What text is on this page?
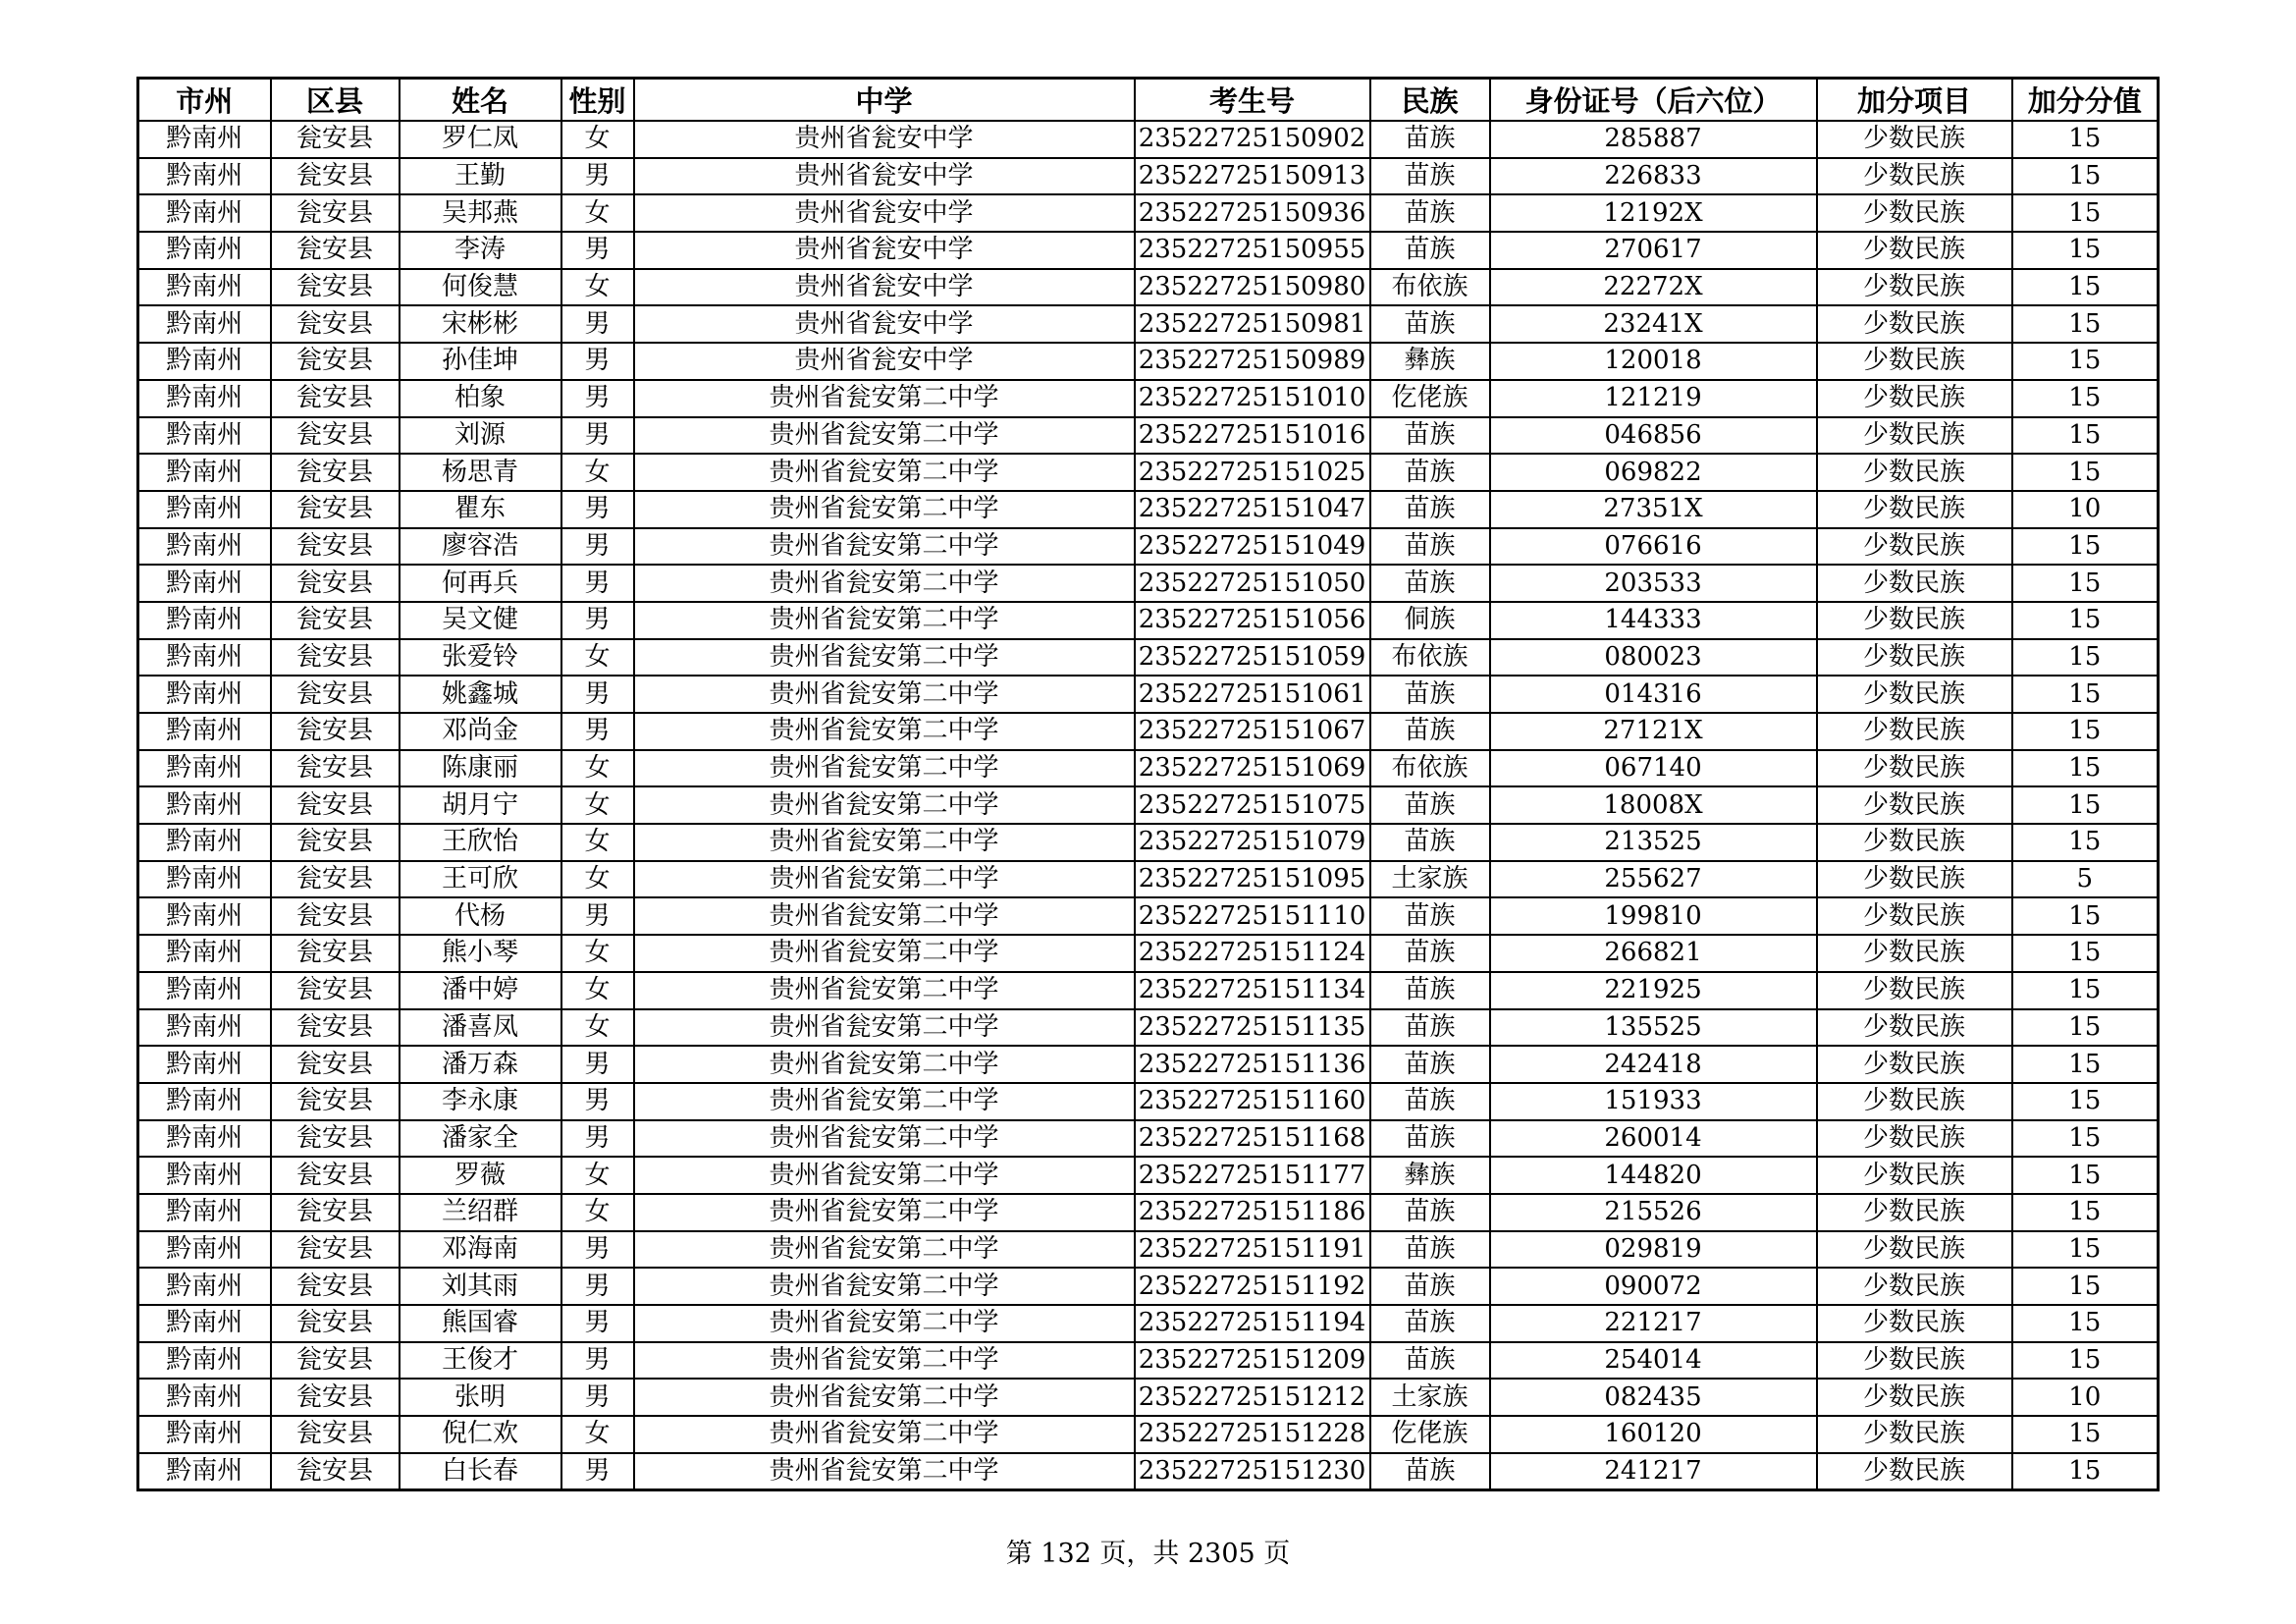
市州	区县	姓名	性别	中学	考生号	民族	身份证号（后六位）	加分项目	加分分值
黔南州	瓮安县	罗仁凤	女	贵州省瓮安中学	23522725150902	苗族	285887	少数民族	15
黔南州	瓮安县	王勤	男	贵州省瓮安中学	23522725150913	苗族	226833	少数民族	15
黔南州	瓮安县	吴邦燕	女	贵州省瓮安中学	23522725150936	苗族	12192X	少数民族	15
黔南州	瓮安县	李涛	男	贵州省瓮安中学	23522725150955	苗族	270617	少数民族	15
黔南州	瓮安县	何俊慧	女	贵州省瓮安中学	23522725150980	布依族	22272X	少数民族	15
黔南州	瓮安县	宋彬彬	男	贵州省瓮安中学	23522725150981	苗族	23241X	少数民族	15
黔南州	瓮安县	孙佳坤	男	贵州省瓮安中学	23522725150989	彝族	120018	少数民族	15
黔南州	瓮安县	柏象	男	贵州省瓮安第二中学	23522725151010	仡佬族	121219	少数民族	15
黔南州	瓮安县	刘源	男	贵州省瓮安第二中学	23522725151016	苗族	046856	少数民族	15
黔南州	瓮安县	杨思青	女	贵州省瓮安第二中学	23522725151025	苗族	069822	少数民族	15
黔南州	瓮安县	瞿东	男	贵州省瓮安第二中学	23522725151047	苗族	27351X	少数民族	10
黔南州	瓮安县	廖容浩	男	贵州省瓮安第二中学	23522725151049	苗族	076616	少数民族	15
黔南州	瓮安县	何再兵	男	贵州省瓮安第二中学	23522725151050	苗族	203533	少数民族	15
黔南州	瓮安县	吴文健	男	贵州省瓮安第二中学	23522725151056	侗族	144333	少数民族	15
黔南州	瓮安县	张爱铃	女	贵州省瓮安第二中学	23522725151059	布依族	080023	少数民族	15
黔南州	瓮安县	姚鑫城	男	贵州省瓮安第二中学	23522725151061	苗族	014316	少数民族	15
黔南州	瓮安县	邓尚金	男	贵州省瓮安第二中学	23522725151067	苗族	27121X	少数民族	15
黔南州	瓮安县	陈康丽	女	贵州省瓮安第二中学	23522725151069	布依族	067140	少数民族	15
黔南州	瓮安县	胡月宁	女	贵州省瓮安第二中学	23522725151075	苗族	18008X	少数民族	15
黔南州	瓮安县	王欣怡	女	贵州省瓮安第二中学	23522725151079	苗族	213525	少数民族	15
黔南州	瓮安县	王可欣	女	贵州省瓮安第二中学	23522725151095	土家族	255627	少数民族	5
黔南州	瓮安县	代杨	男	贵州省瓮安第二中学	23522725151110	苗族	199810	少数民族	15
黔南州	瓮安县	熊小琴	女	贵州省瓮安第二中学	23522725151124	苗族	266821	少数民族	15
黔南州	瓮安县	潘中婷	女	贵州省瓮安第二中学	23522725151134	苗族	221925	少数民族	15
黔南州	瓮安县	潘喜凤	女	贵州省瓮安第二中学	23522725151135	苗族	135525	少数民族	15
黔南州	瓮安县	潘万森	男	贵州省瓮安第二中学	23522725151136	苗族	242418	少数民族	15
黔南州	瓮安县	李永康	男	贵州省瓮安第二中学	23522725151160	苗族	151933	少数民族	15
黔南州	瓮安县	潘家全	男	贵州省瓮安第二中学	23522725151168	苗族	260014	少数民族	15
黔南州	瓮安县	罗薇	女	贵州省瓮安第二中学	23522725151177	彝族	144820	少数民族	15
黔南州	瓮安县	兰绍群	女	贵州省瓮安第二中学	23522725151186	苗族	215526	少数民族	15
黔南州	瓮安县	邓海南	男	贵州省瓮安第二中学	23522725151191	苗族	029819	少数民族	15
黔南州	瓮安县	刘其雨	男	贵州省瓮安第二中学	23522725151192	苗族	090072	少数民族	15
黔南州	瓮安县	熊国睿	男	贵州省瓮安第二中学	23522725151194	苗族	221217	少数民族	15
黔南州	瓮安县	王俊才	男	贵州省瓮安第二中学	23522725151209	苗族	254014	少数民族	15
黔南州	瓮安县	张明	男	贵州省瓮安第二中学	23522725151212	土家族	082435	少数民族	10
黔南州	瓮安县	倪仁欢	女	贵州省瓮安第二中学	23522725151228	仡佬族	160120	少数民族	15
黔南州	瓮安县	白长春	男	贵州省瓮安第二中学	23522725151230	苗族	241217	少数民族	15
第 132 页，共 2305 页
